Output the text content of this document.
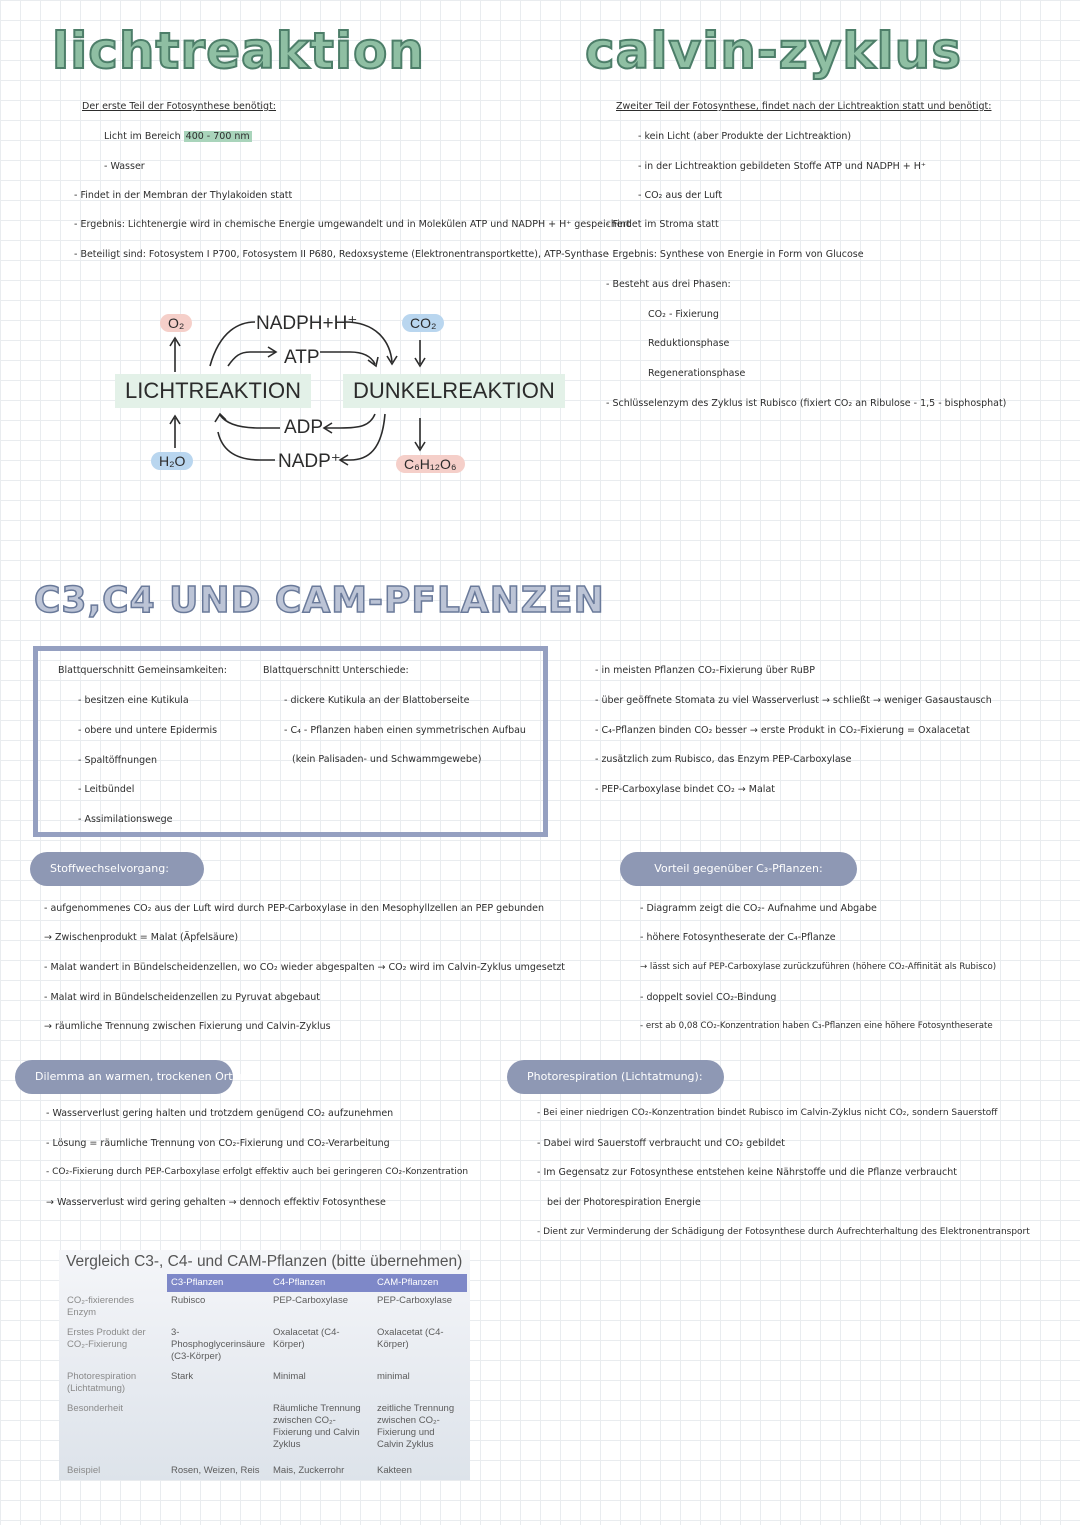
lichtreaktion	calvin-zyklus
Der erste Teil der Fotosynthese benötigt:
Licht im Bereich 400 - 700 nm
- Wasser
- Findet in der Membran der Thylakoiden statt
- Ergebnis: Lichtenergie wird in chemische Energie umgewandelt und in Molekülen ATP und NADPH + H⁺ gespeichert
- Beteiligt sind: Fotosystem I P700, Fotosystem II P680, Redoxsysteme (Elektronentransportkette), ATP-Synthase
Zweiter Teil der Fotosynthese, findet nach der Lichtreaktion statt und benötigt:
- kein Licht (aber Produkte der Lichtreaktion)
- in der Lichtreaktion gebildeten Stoffe ATP und NADPH + H⁺
- CO₂ aus der Luft
- Findet im Stroma statt
- Ergebnis: Synthese von Energie in Form von Glucose
- Besteht aus drei Phasen:
CO₂ - Fixierung
Reduktionsphase
Regenerationsphase
- Schlüsselenzym des Zyklus ist Rubisco (fixiert CO₂ an Ribulose - 1,5 - bisphosphat)
O₂
H₂O
CO₂
C₆H₁₂O₆
LICHTREAKTION	DUNKELREAKTION
NADPH+H⁺
ATP
ADP
NADP⁺
C3,C4 UND CAM-PFLANZEN
Blattquerschnitt Gemeinsamkeiten:
- besitzen eine Kutikula
- obere und untere Epidermis
- Spaltöffnungen
- Leitbündel
- Assimilationswege
Blattquerschnitt Unterschiede:
- dickere Kutikula an der Blattoberseite
- C₄ - Pflanzen haben einen symmetrischen Aufbau
(kein Palisaden- und Schwammgewebe)
- in meisten Pflanzen CO₂-Fixierung über RuBP
- über geöffnete Stomata zu viel Wasserverlust → schließt → weniger Gasaustausch
- C₄-Pflanzen binden CO₂ besser → erste Produkt in CO₂-Fixierung = Oxalacetat
- zusätzlich zum Rubisco, das Enzym PEP-Carboxylase
- PEP-Carboxylase bindet CO₂ → Malat
Stoffwechselvorgang:	Vorteil gegenüber C₃-Pflanzen:
Dilemma an warmen, trockenen Orten:	Photorespiration (Lichtatmung):
- aufgenommenes CO₂ aus der Luft wird durch PEP-Carboxylase in den Mesophyllzellen an PEP gebunden
→ Zwischenprodukt = Malat (Äpfelsäure)
- Malat wandert in Bündelscheidenzellen, wo CO₂ wieder abgespalten → CO₂ wird im Calvin-Zyklus umgesetzt
- Malat wird in Bündelscheidenzellen zu Pyruvat abgebaut
→ räumliche Trennung zwischen Fixierung und Calvin-Zyklus
- Diagramm zeigt die CO₂- Aufnahme und Abgabe
- höhere Fotosyntheserate der C₄-Pflanze
→ lässt sich auf PEP-Carboxylase zurückzuführen (höhere CO₂-Affinität als Rubisco)
- doppelt soviel CO₂-Bindung
- erst ab 0,08 CO₂-Konzentration haben C₃-Pflanzen eine höhere Fotosyntheserate
- Wasserverlust gering halten und trotzdem genügend CO₂ aufzunehmen
- Lösung = räumliche Trennung von CO₂-Fixierung und CO₂-Verarbeitung
- CO₂-Fixierung durch PEP-Carboxylase erfolgt effektiv auch bei geringeren CO₂-Konzentration
→ Wasserverlust wird gering gehalten → dennoch effektiv Fotosynthese
- Bei einer niedrigen CO₂-Konzentration bindet Rubisco im Calvin-Zyklus nicht CO₂, sondern Sauerstoff
- Dabei wird Sauerstoff verbraucht und CO₂ gebildet
- Im Gegensatz zur Fotosynthese entstehen keine Nährstoffe und die Pflanze verbraucht
bei der Photorespiration Energie
- Dient zur Verminderung der Schädigung der Fotosynthese durch Aufrechterhaltung des Elektronentransport
Vergleich C3-, C4- und CAM-Pflanzen (bitte übernehmen)
	C3-Pflanzen	C4-Pflanzen	CAM-Pflanzen
CO₂-fixierendes Enzym	Rubisco	PEP-Carboxylase	PEP-Carboxylase
Erstes Produkt der CO₂-Fixierung	3-Phosphoglycerinsäure (C3-Körper)	Oxalacetat (C4-Körper)	Oxalacetat (C4-Körper)
Photorespiration (Lichtatmung)	Stark	Minimal	minimal
Besonderheit		Räumliche Trennung zwischen CO₂-Fixierung und Calvin Zyklus	zeitliche Trennung zwischen CO₂-Fixierung und Calvin Zyklus
Beispiel	Rosen, Weizen, Reis	Mais, Zuckerrohr	Kakteen
